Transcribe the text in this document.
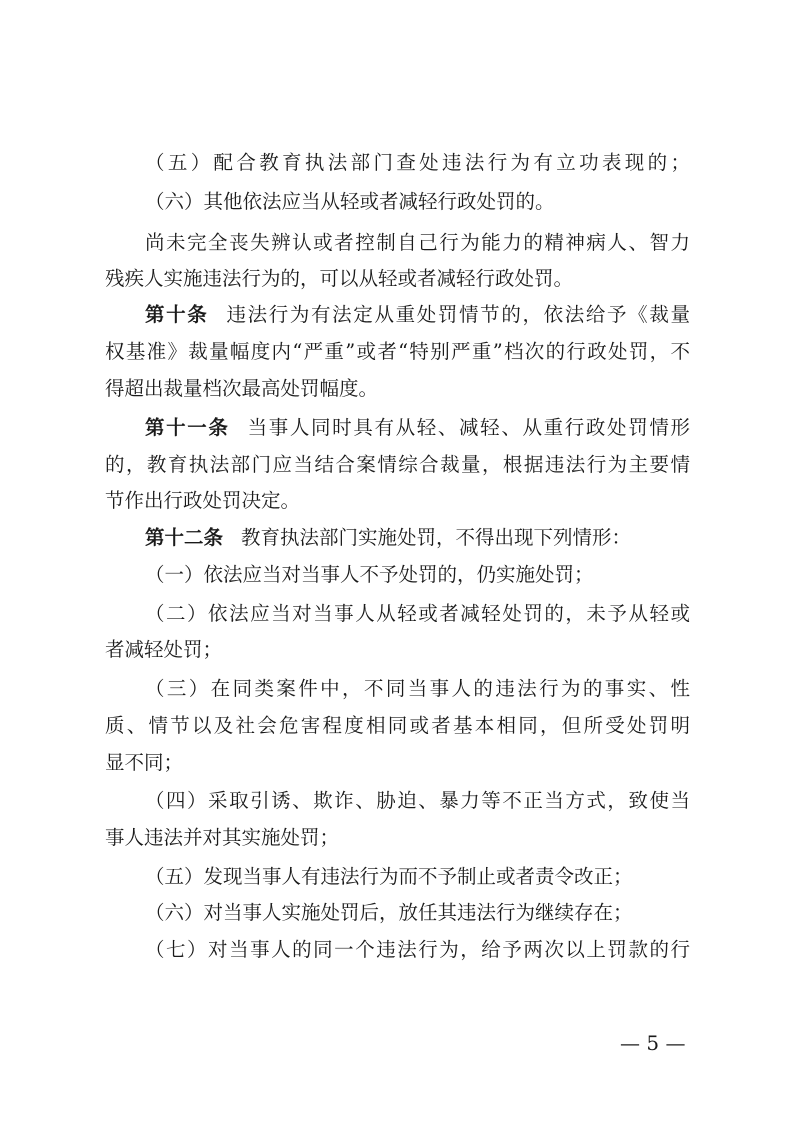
（五）配合教育执法部门查处违法行为有立功表现的；
（六）其他依法应当从轻或者减轻行政处罚的。
尚未完全丧失辨认或者控制自己行为能力的精神病人、智力
残疾人实施违法行为的，可以从轻或者减轻行政处罚。
第十条 违法行为有法定从重处罚情节的，依法给予《裁量
权基准》裁量幅度内“严重”或者“特别严重”档次的行政处罚，不
得超出裁量档次最高处罚幅度。
第十一条 当事人同时具有从轻、减轻、从重行政处罚情形
的，教育执法部门应当结合案情综合裁量，根据违法行为主要情
节作出行政处罚决定。
第十二条 教育执法部门实施处罚，不得出现下列情形：
（一）依法应当对当事人不予处罚的，仍实施处罚；
（二）依法应当对当事人从轻或者减轻处罚的，未予从轻或
者减轻处罚；
（三）在同类案件中，不同当事人的违法行为的事实、性
质、情节以及社会危害程度相同或者基本相同，但所受处罚明
显不同；
（四）采取引诱、欺诈、胁迫、暴力等不正当方式，致使当
事人违法并对其实施处罚；
（五）发现当事人有违法行为而不予制止或者责令改正；
（六）对当事人实施处罚后，放任其违法行为继续存在；
（七）对当事人的同一个违法行为，给予两次以上罚款的行
— 5 —
